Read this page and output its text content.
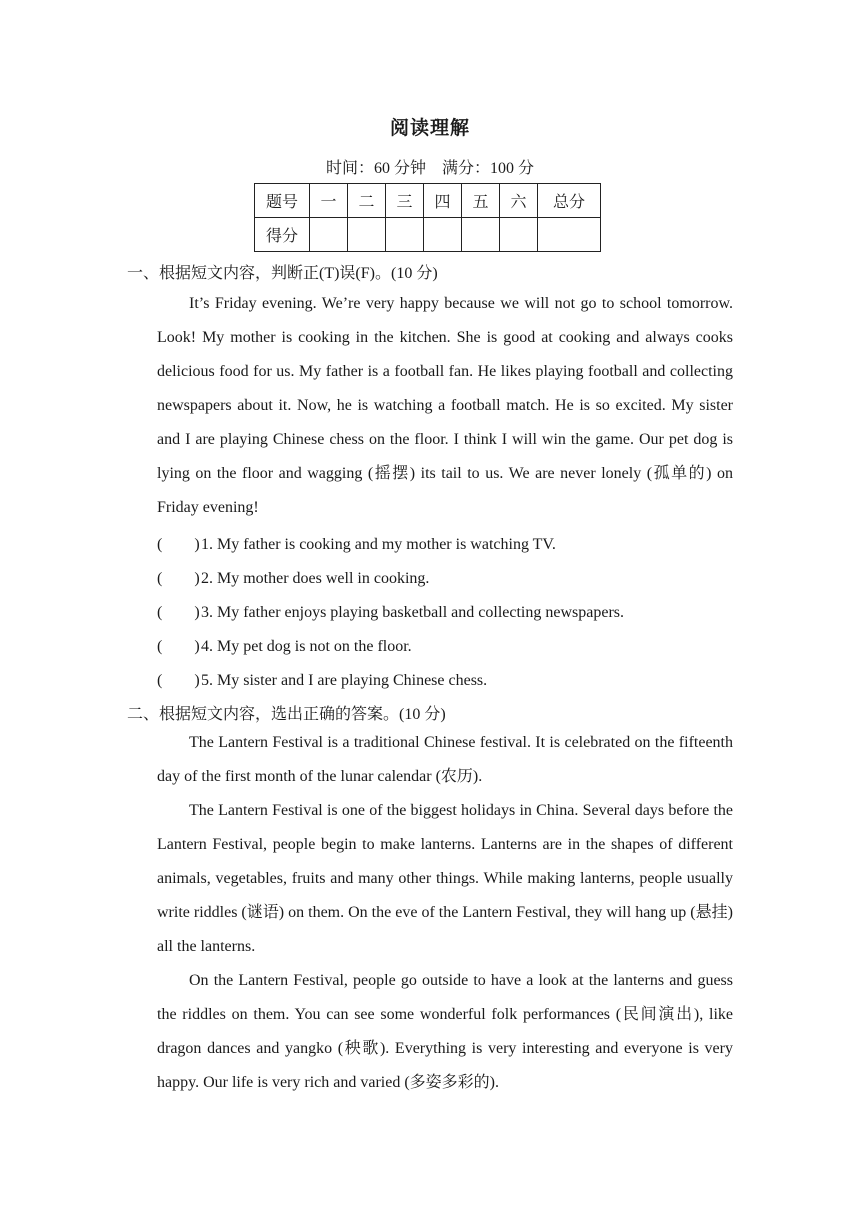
阅读理解
时间：60 分钟　满分：100 分
题号	一	二	三	四	五	六	总分
得分							
一、根据短文内容，判断正(T)误(F)。(10 分)

It’s Friday evening. We’re very happy because we will not go to school tomorrow. Look! My mother is cooking in the kitchen. She is good at cooking and always cooks delicious food for us. My father is a football fan. He likes playing football and collecting newspapers about it. Now, he is watching a football match. He is so excited. My sister and I are playing Chinese chess on the floor. I think I will win the game. Our pet dog is lying on the floor and wagging (摇摆) its tail to us. We are never lonely (孤单的) on Friday evening!

(　　)1. My father is cooking and my mother is watching TV.
(　　)2. My mother does well in cooking.
(　　)3. My father enjoys playing basketball and collecting newspapers.
(　　)4. My pet dog is not on the floor.
(　　)5. My sister and I are playing Chinese chess.
二、根据短文内容，选出正确的答案。(10 分)

The Lantern Festival is a traditional Chinese festival. It is celebrated on the fifteenth day of the first month of the lunar calendar (农历).

The Lantern Festival is one of the biggest holidays in China. Several days before the Lantern Festival, people begin to make lanterns. Lanterns are in the shapes of different animals, vegetables, fruits and many other things. While making lanterns, people usually write riddles (谜语) on them. On the eve of the Lantern Festival, they will hang up (悬挂) all the lanterns.

On the Lantern Festival, people go outside to have a look at the lanterns and guess the riddles on them. You can see some wonderful folk performances (民间演出), like dragon dances and yangko (秧歌). Everything is very interesting and everyone is very happy. Our life is very rich and varied (多姿多彩的).
